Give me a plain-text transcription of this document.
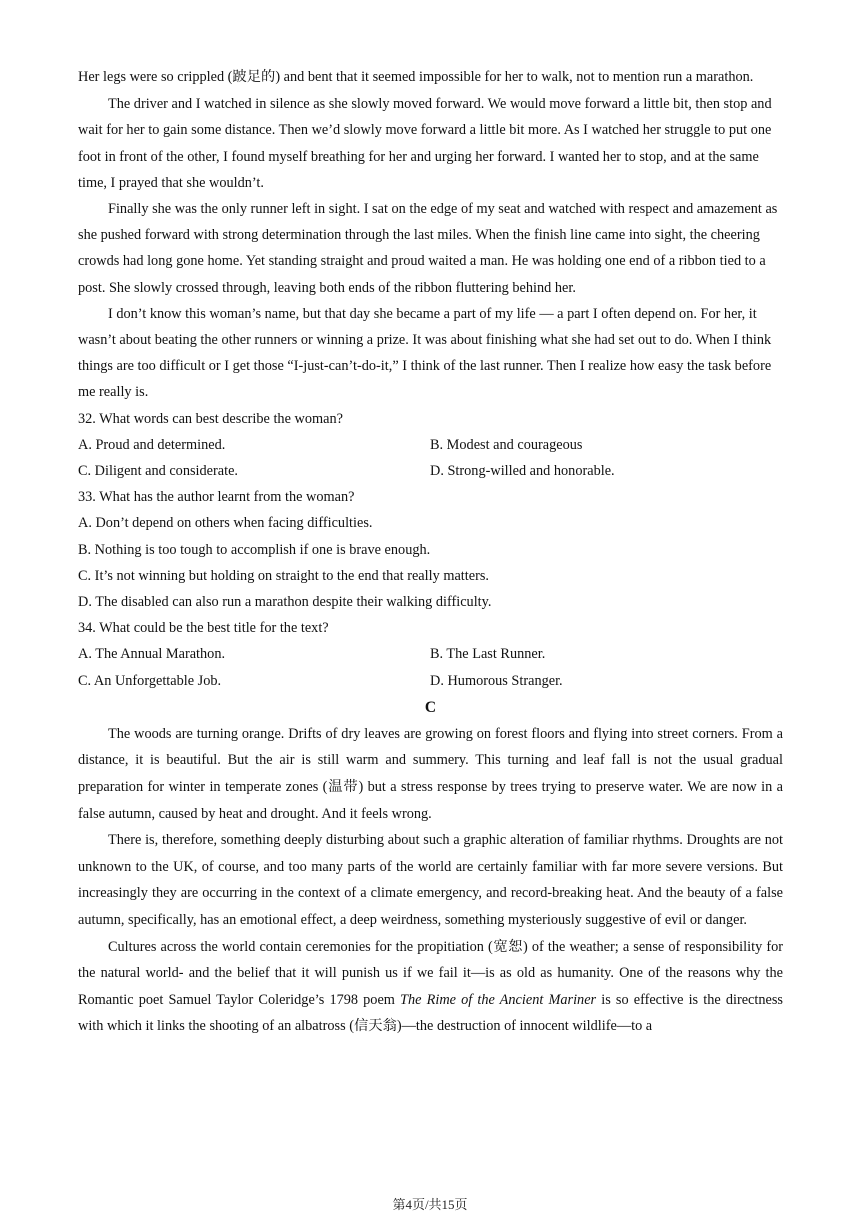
Her legs were so crippled (跛足的) and bent that it seemed impossible for her to walk, not to mention run a marathon.

The driver and I watched in silence as she slowly moved forward. We would move forward a little bit, then stop and wait for her to gain some distance. Then we’d slowly move forward a little bit more. As I watched her struggle to put one foot in front of the other, I found myself breathing for her and urging her forward. I wanted her to stop, and at the same time, I prayed that she wouldn’t.

Finally she was the only runner left in sight. I sat on the edge of my seat and watched with respect and amazement as she pushed forward with strong determination through the last miles. When the finish line came into sight, the cheering crowds had long gone home. Yet standing straight and proud waited a man. He was holding one end of a ribbon tied to a post. She slowly crossed through, leaving both ends of the ribbon fluttering behind her.

I don’t know this woman’s name, but that day she became a part of my life — a part I often depend on. For her, it wasn’t about beating the other runners or winning a prize. It was about finishing what she had set out to do. When I think things are too difficult or I get those “I-just-can’t-do-it,” I think of the last runner. Then I realize how easy the task before me really is.

32. What words can best describe the woman?

A. Proud and determined.	B. Modest and courageous
C. Diligent and considerate.	D. Strong-willed and honorable.

33. What has the author learnt from the woman?

A. Don’t depend on others when facing difficulties.

B. Nothing is too tough to accomplish if one is brave enough.

C. It’s not winning but holding on straight to the end that really matters.

D. The disabled can also run a marathon despite their walking difficulty.

34. What could be the best title for the text?

A. The Annual Marathon.	B. The Last Runner.
C. An Unforgettable Job.	D. Humorous Stranger.
C

The woods are turning orange. Drifts of dry leaves are growing on forest floors and flying into street corners. From a distance, it is beautiful. But the air is still warm and summery. This turning and leaf fall is not the usual gradual preparation for winter in temperate zones (温带) but a stress response by trees trying to preserve water. We are now in a false autumn, caused by heat and drought. And it feels wrong.

There is, therefore, something deeply disturbing about such a graphic alteration of familiar rhythms. Droughts are not unknown to the UK, of course, and too many parts of the world are certainly familiar with far more severe versions. But increasingly they are occurring in the context of a climate emergency, and record-breaking heat. And the beauty of a false autumn, specifically, has an emotional effect, a deep weirdness, something mysteriously suggestive of evil or danger.

Cultures across the world contain ceremonies for the propitiation (宽恕) of the weather; a sense of responsibility for the natural world- and the belief that it will punish us if we fail it—is as old as humanity. One of the reasons why the Romantic poet Samuel Taylor Coleridge’s 1798 poem The Rime of the Ancient Mariner is so effective is the directness with which it links the shooting of an albatross (信天翁)—the destruction of innocent wildlife—to a

第4页/共15页
